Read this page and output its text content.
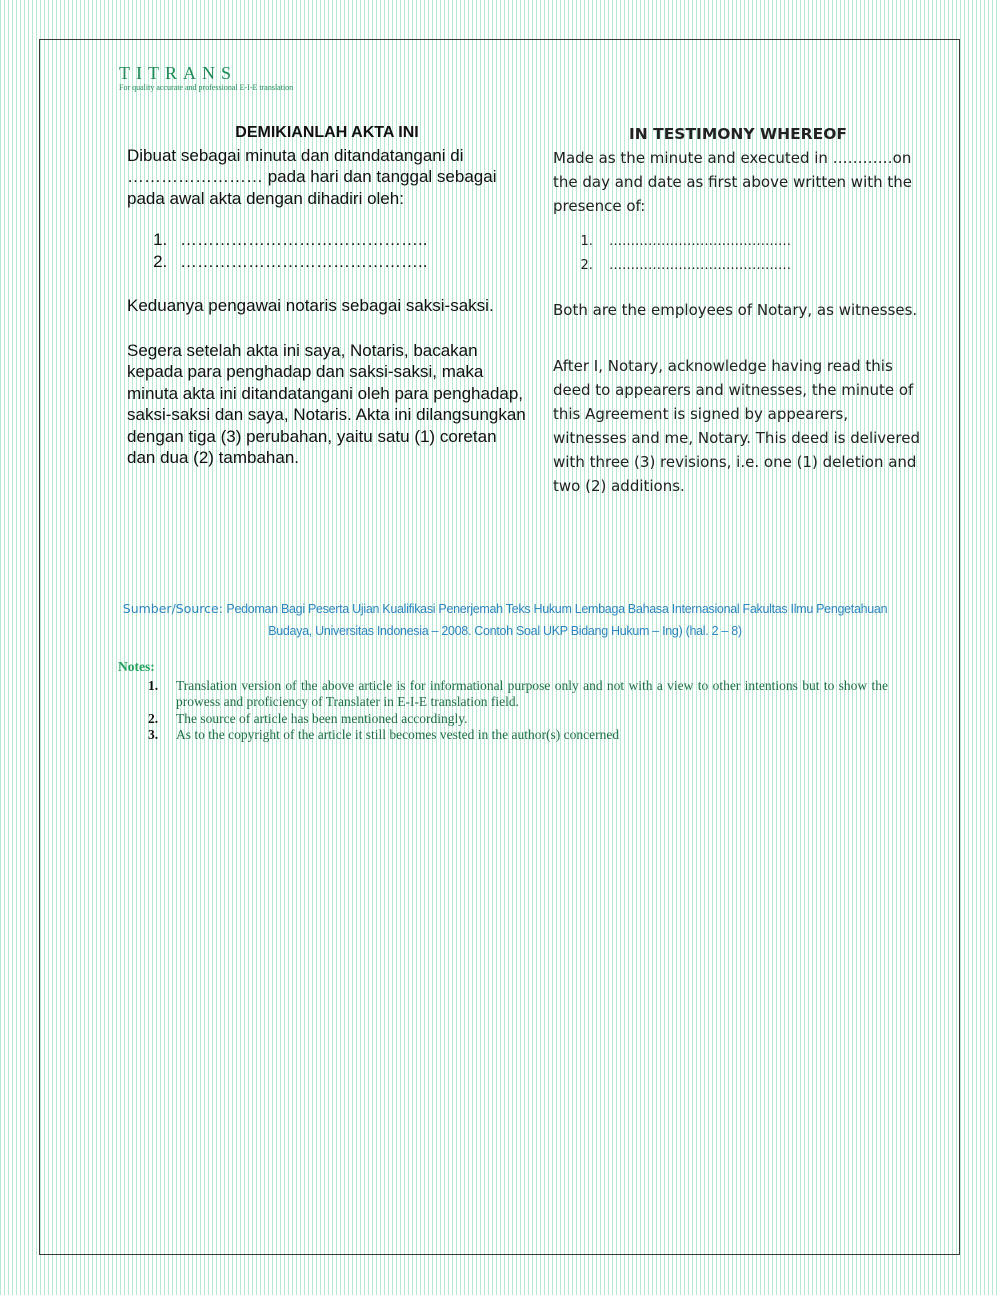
TITRANS
For quality accurate and professional E-I-E translation

DEMIKIANLAH AKTA INI

Dibuat sebagai minuta dan ditandatangani di …………………… pada hari dan tanggal sebagai pada awal akta dengan dihadiri oleh:

1. ……………………………………..
2. ……………………………………..

Keduanya pengawai notaris sebagai saksi-saksi.

Segera setelah akta ini saya, Notaris, bacakan kepada para penghadap dan saksi-saksi, maka minuta akta ini ditandatangani oleh para penghadap, saksi-saksi dan saya, Notaris. Akta ini dilangsungkan dengan tiga (3) perubahan, yaitu satu (1) coretan dan dua (2) tambahan.

IN TESTIMONY WHEREOF

Made as the minute and executed in …………on the day and date as first above written with the presence of:

1. ……………………………………
2. ……………………………………

Both are the employees of Notary, as witnesses.

After I, Notary, acknowledge having read this deed to appearers and witnesses, the minute of this Agreement is signed by appearers, witnesses and me, Notary. This deed is delivered with three (3) revisions, i.e. one (1) deletion and two (2) additions.

Sumber/Source: Pedoman Bagi Peserta Ujian Kualifikasi Penerjemah Teks Hukum Lembaga Bahasa Internasional Fakultas Ilmu Pengetahuan Budaya, Universitas Indonesia – 2008. Contoh Soal UKP Bidang Hukum – Ing) (hal. 2 – 8)
Notes:
1. Translation version of the above article is for informational purpose only and not with a view to other intentions but to show the prowess and proficiency of Translater in E-I-E translation field.
2. The source of article has been mentioned accordingly.
3. As to the copyright of the article it still becomes vested in the author(s) concerned
